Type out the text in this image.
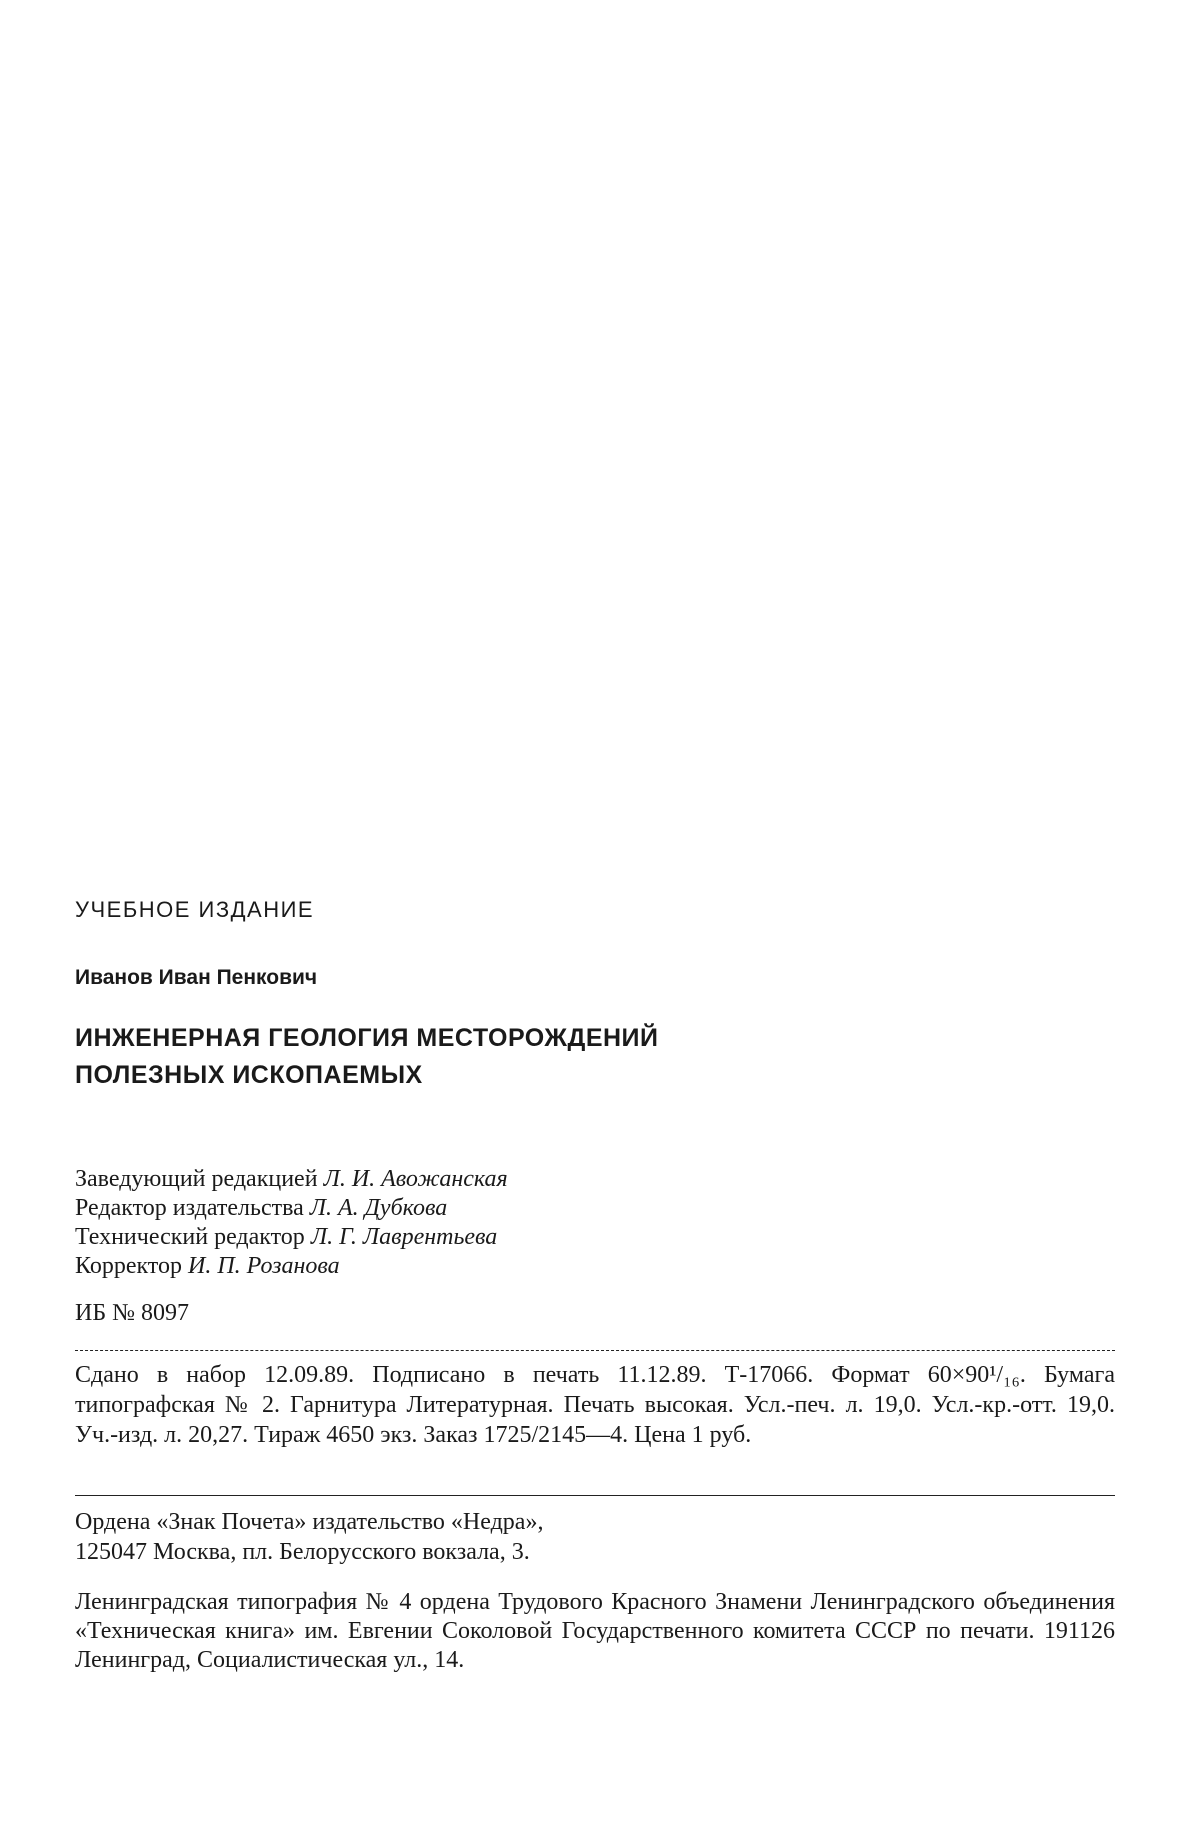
УЧЕБНОЕ ИЗДАНИЕ
Иванов Иван Пенкович
ИНЖЕНЕРНАЯ ГЕОЛОГИЯ МЕСТОРОЖДЕНИЙ
ПОЛЕЗНЫХ ИСКОПАЕМЫХ
Заведующий редакцией Л. И. Авожанская
Редактор издательства Л. А. Дубкова
Технический редактор Л. Г. Лаврентьева
Корректор И. П. Розанова
ИБ № 8097
Сдано в набор 12.09.89. Подписано в печать 11.12.89. Т-17066. Формат 60×90¹/₁₆. Бумага типографская № 2. Гарнитура Литературная. Печать высокая. Усл.-печ. л. 19,0. Усл.-кр.-отт. 19,0. Уч.-изд. л. 20,27. Тираж 4650 экз. Заказ 1725/2145—4. Цена 1 руб.
Ордена «Знак Почета» издательство «Недра»,
125047 Москва, пл. Белорусского вокзала, 3.
Ленинградская типография № 4 ордена Трудового Красного Знамени Ленинградского объединения «Техническая книга» им. Евгении Соколовой Государственного комитета СССР по печати. 191126 Ленинград, Социалистическая ул., 14.
